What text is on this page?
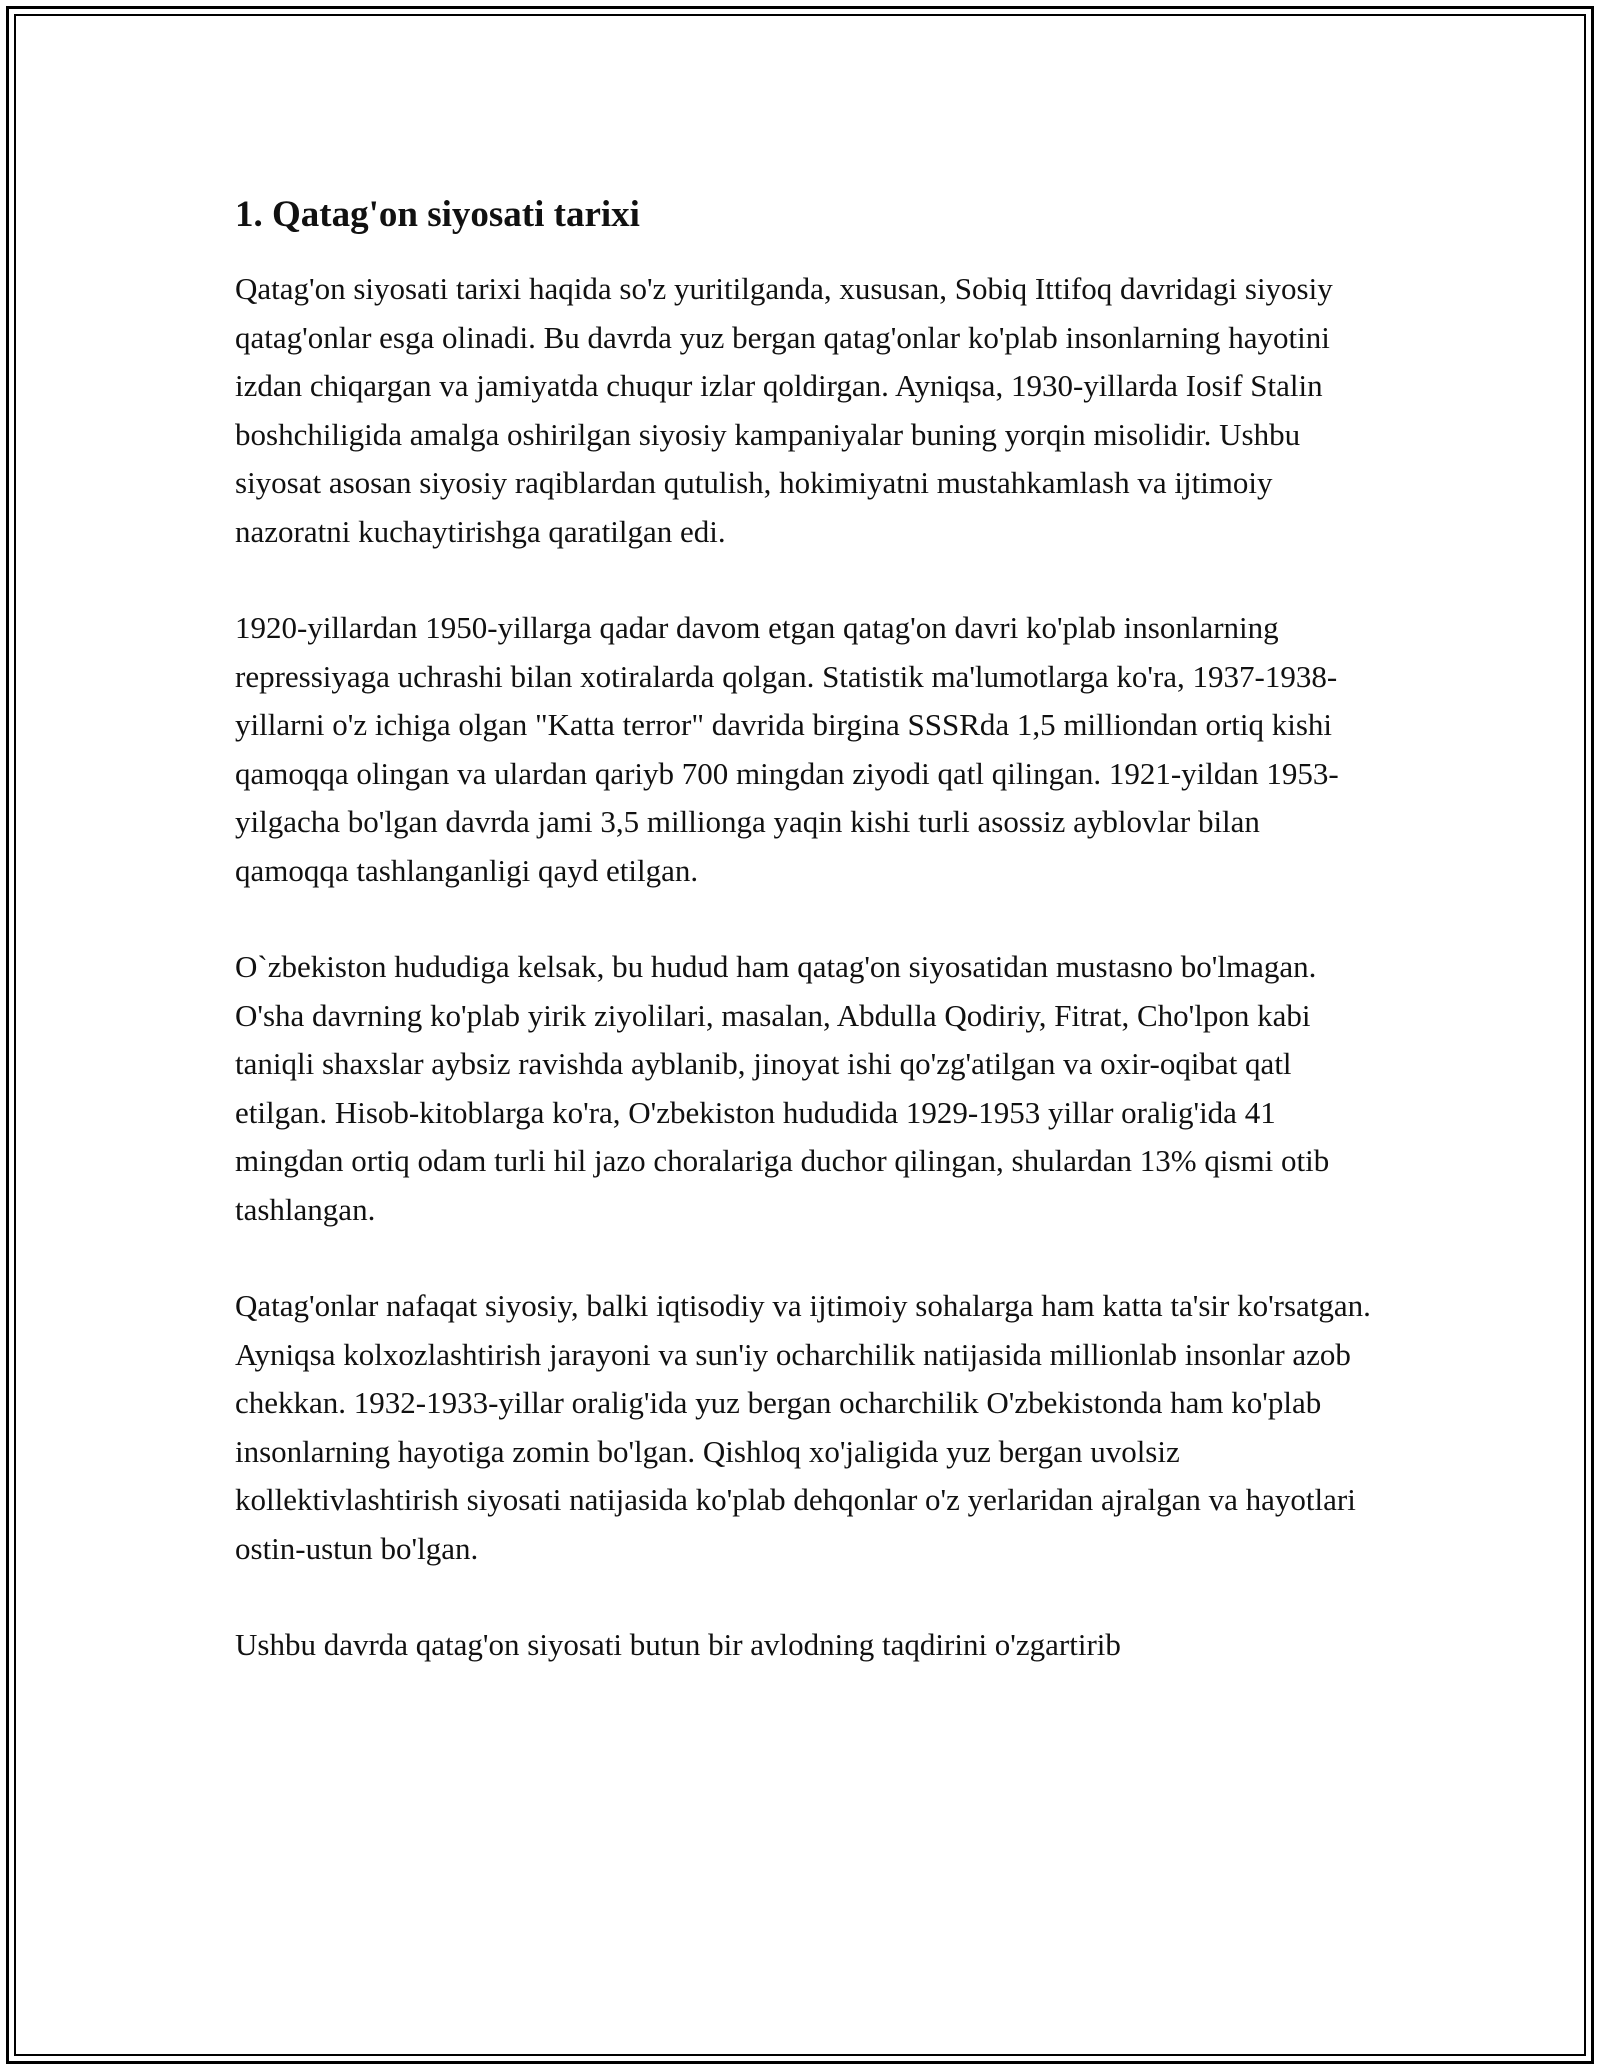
1. Qatag'on siyosati tarixi

Qatag'on siyosati tarixi haqida so'z yuritilganda, xususan, Sobiq Ittifoq davridagi siyosiy qatag'onlar esga olinadi. Bu davrda yuz bergan qatag'onlar ko'plab insonlarning hayotini izdan chiqargan va jamiyatda chuqur izlar qoldirgan. Ayniqsa, 1930-yillarda Iosif Stalin boshchiligida amalga oshirilgan siyosiy kampaniyalar buning yorqin misolidir. Ushbu siyosat asosan siyosiy raqiblardan qutulish, hokimiyatni mustahkamlash va ijtimoiy nazoratni kuchaytirishga qaratilgan edi.

1920-yillardan 1950-yillarga qadar davom etgan qatag'on davri ko'plab insonlarning repressiyaga uchrashi bilan xotiralarda qolgan. Statistik ma'lumotlarga ko'ra, 1937-1938-yillarni o'z ichiga olgan "Katta terror" davrida birgina SSSRda 1,5 milliondan ortiq kishi qamoqqa olingan va ulardan qariyb 700 mingdan ziyodi qatl qilingan. 1921-yildan 1953-yilgacha bo'lgan davrda jami 3,5 millionga yaqin kishi turli asossiz ayblovlar bilan qamoqqa tashlanganligi qayd etilgan.

O`zbekiston hududiga kelsak, bu hudud ham qatag'on siyosatidan mustasno bo'lmagan. O'sha davrning ko'plab yirik ziyolilari, masalan, Abdulla Qodiriy, Fitrat, Cho'lpon kabi taniqli shaxslar aybsiz ravishda ayblanib, jinoyat ishi qo'zg'atilgan va oxir-oqibat qatl etilgan. Hisob-kitoblarga ko'ra, O'zbekiston hududida 1929-1953 yillar oralig'ida 41 mingdan ortiq odam turli hil jazo choralariga duchor qilingan, shulardan 13% qismi otib tashlangan.

Qatag'onlar nafaqat siyosiy, balki iqtisodiy va ijtimoiy sohalarga ham katta ta'sir ko'rsatgan. Ayniqsa kolxozlashtirish jarayoni va sun'iy ocharchilik natijasida millionlab insonlar azob chekkan. 1932-1933-yillar oralig'ida yuz bergan ocharchilik O'zbekistonda ham ko'plab insonlarning hayotiga zomin bo'lgan. Qishloq xo'jaligida yuz bergan uvolsiz kollektivlashtirish siyosati natijasida ko'plab dehqonlar o'z yerlaridan ajralgan va hayotlari ostin-ustun bo'lgan.

Ushbu davrda qatag'on siyosati butun bir avlodning taqdirini o'zgartirib
